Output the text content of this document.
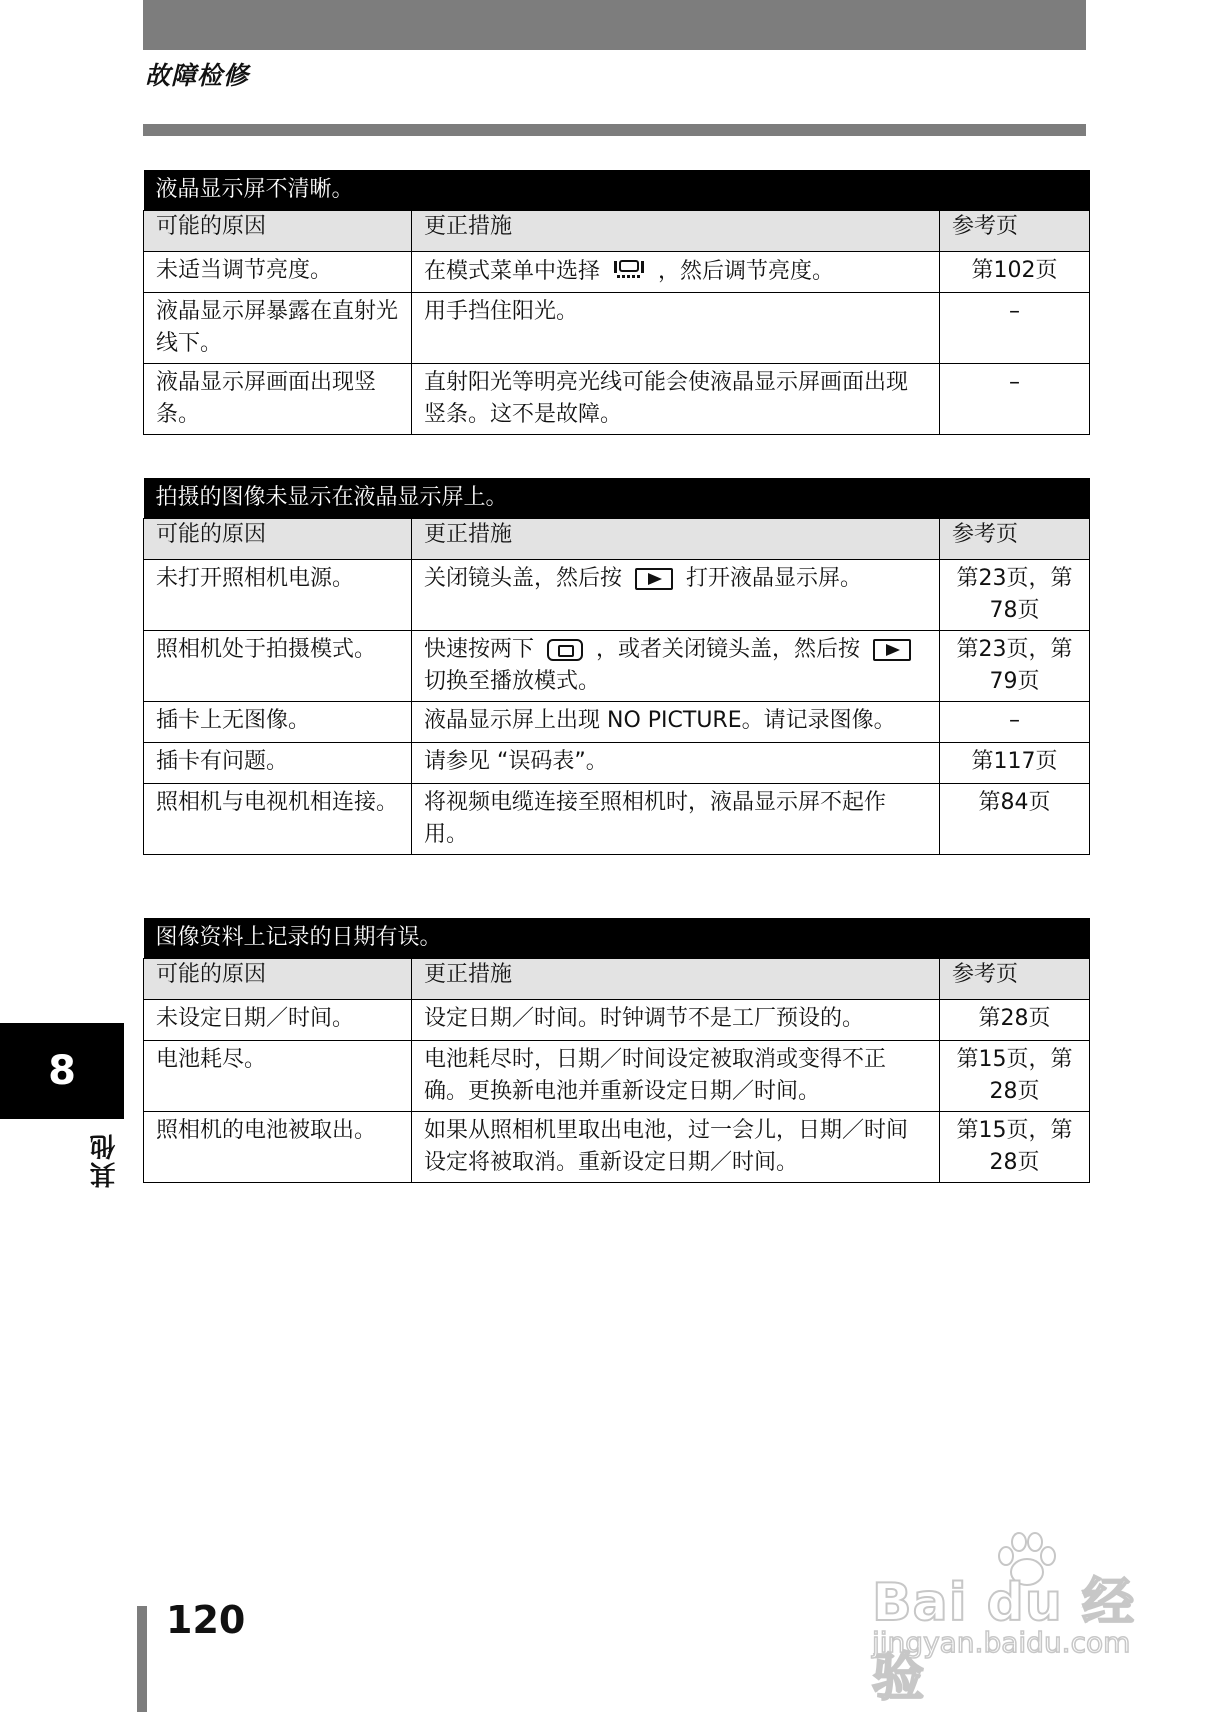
故障检修
液晶显示屏不清晰。		
可能的原因	更正措施	参考页
未适当调节亮度。	在模式菜单中选择 ，然后调节亮度。	第102页
液晶显示屏暴露在直射光线下。	用手挡住阳光。	–
液晶显示屏画面出现竖条。	直射阳光等明亮光线可能会使液晶显示屏画面出现竖条。这不是故障。	–
拍摄的图像未显示在液晶显示屏上。		
可能的原因	更正措施	参考页
未打开照相机电源。	关闭镜头盖，然后按 打开液晶显示屏。	第23页，第78页
照相机处于拍摄模式。	快速按两下 ，或者关闭镜头盖，然后按  切换至播放模式。	第23页，第79页
插卡上无图像。	液晶显示屏上出现 NO PICTURE。请记录图像。	–
插卡有问题。	请参见 “误码表”。	第117页
照相机与电视机相连接。	将视频电缆连接至照相机时，液晶显示屏不起作用。	第84页
图像资料上记录的日期有误。		
可能的原因	更正措施	参考页
未设定日期／时间。	设定日期／时间。时钟调节不是工厂预设的。	第28页
电池耗尽。	电池耗尽时，日期／时间设定被取消或变得不正确。更换新电池并重新设定日期／时间。	第15页，第28页
照相机的电池被取出。	如果从照相机里取出电池，过一会儿，日期／时间设定将被取消。重新设定日期／时间。	第15页，第28页
8
其他
120	Bai du 经验
jingyan.baidu.com
